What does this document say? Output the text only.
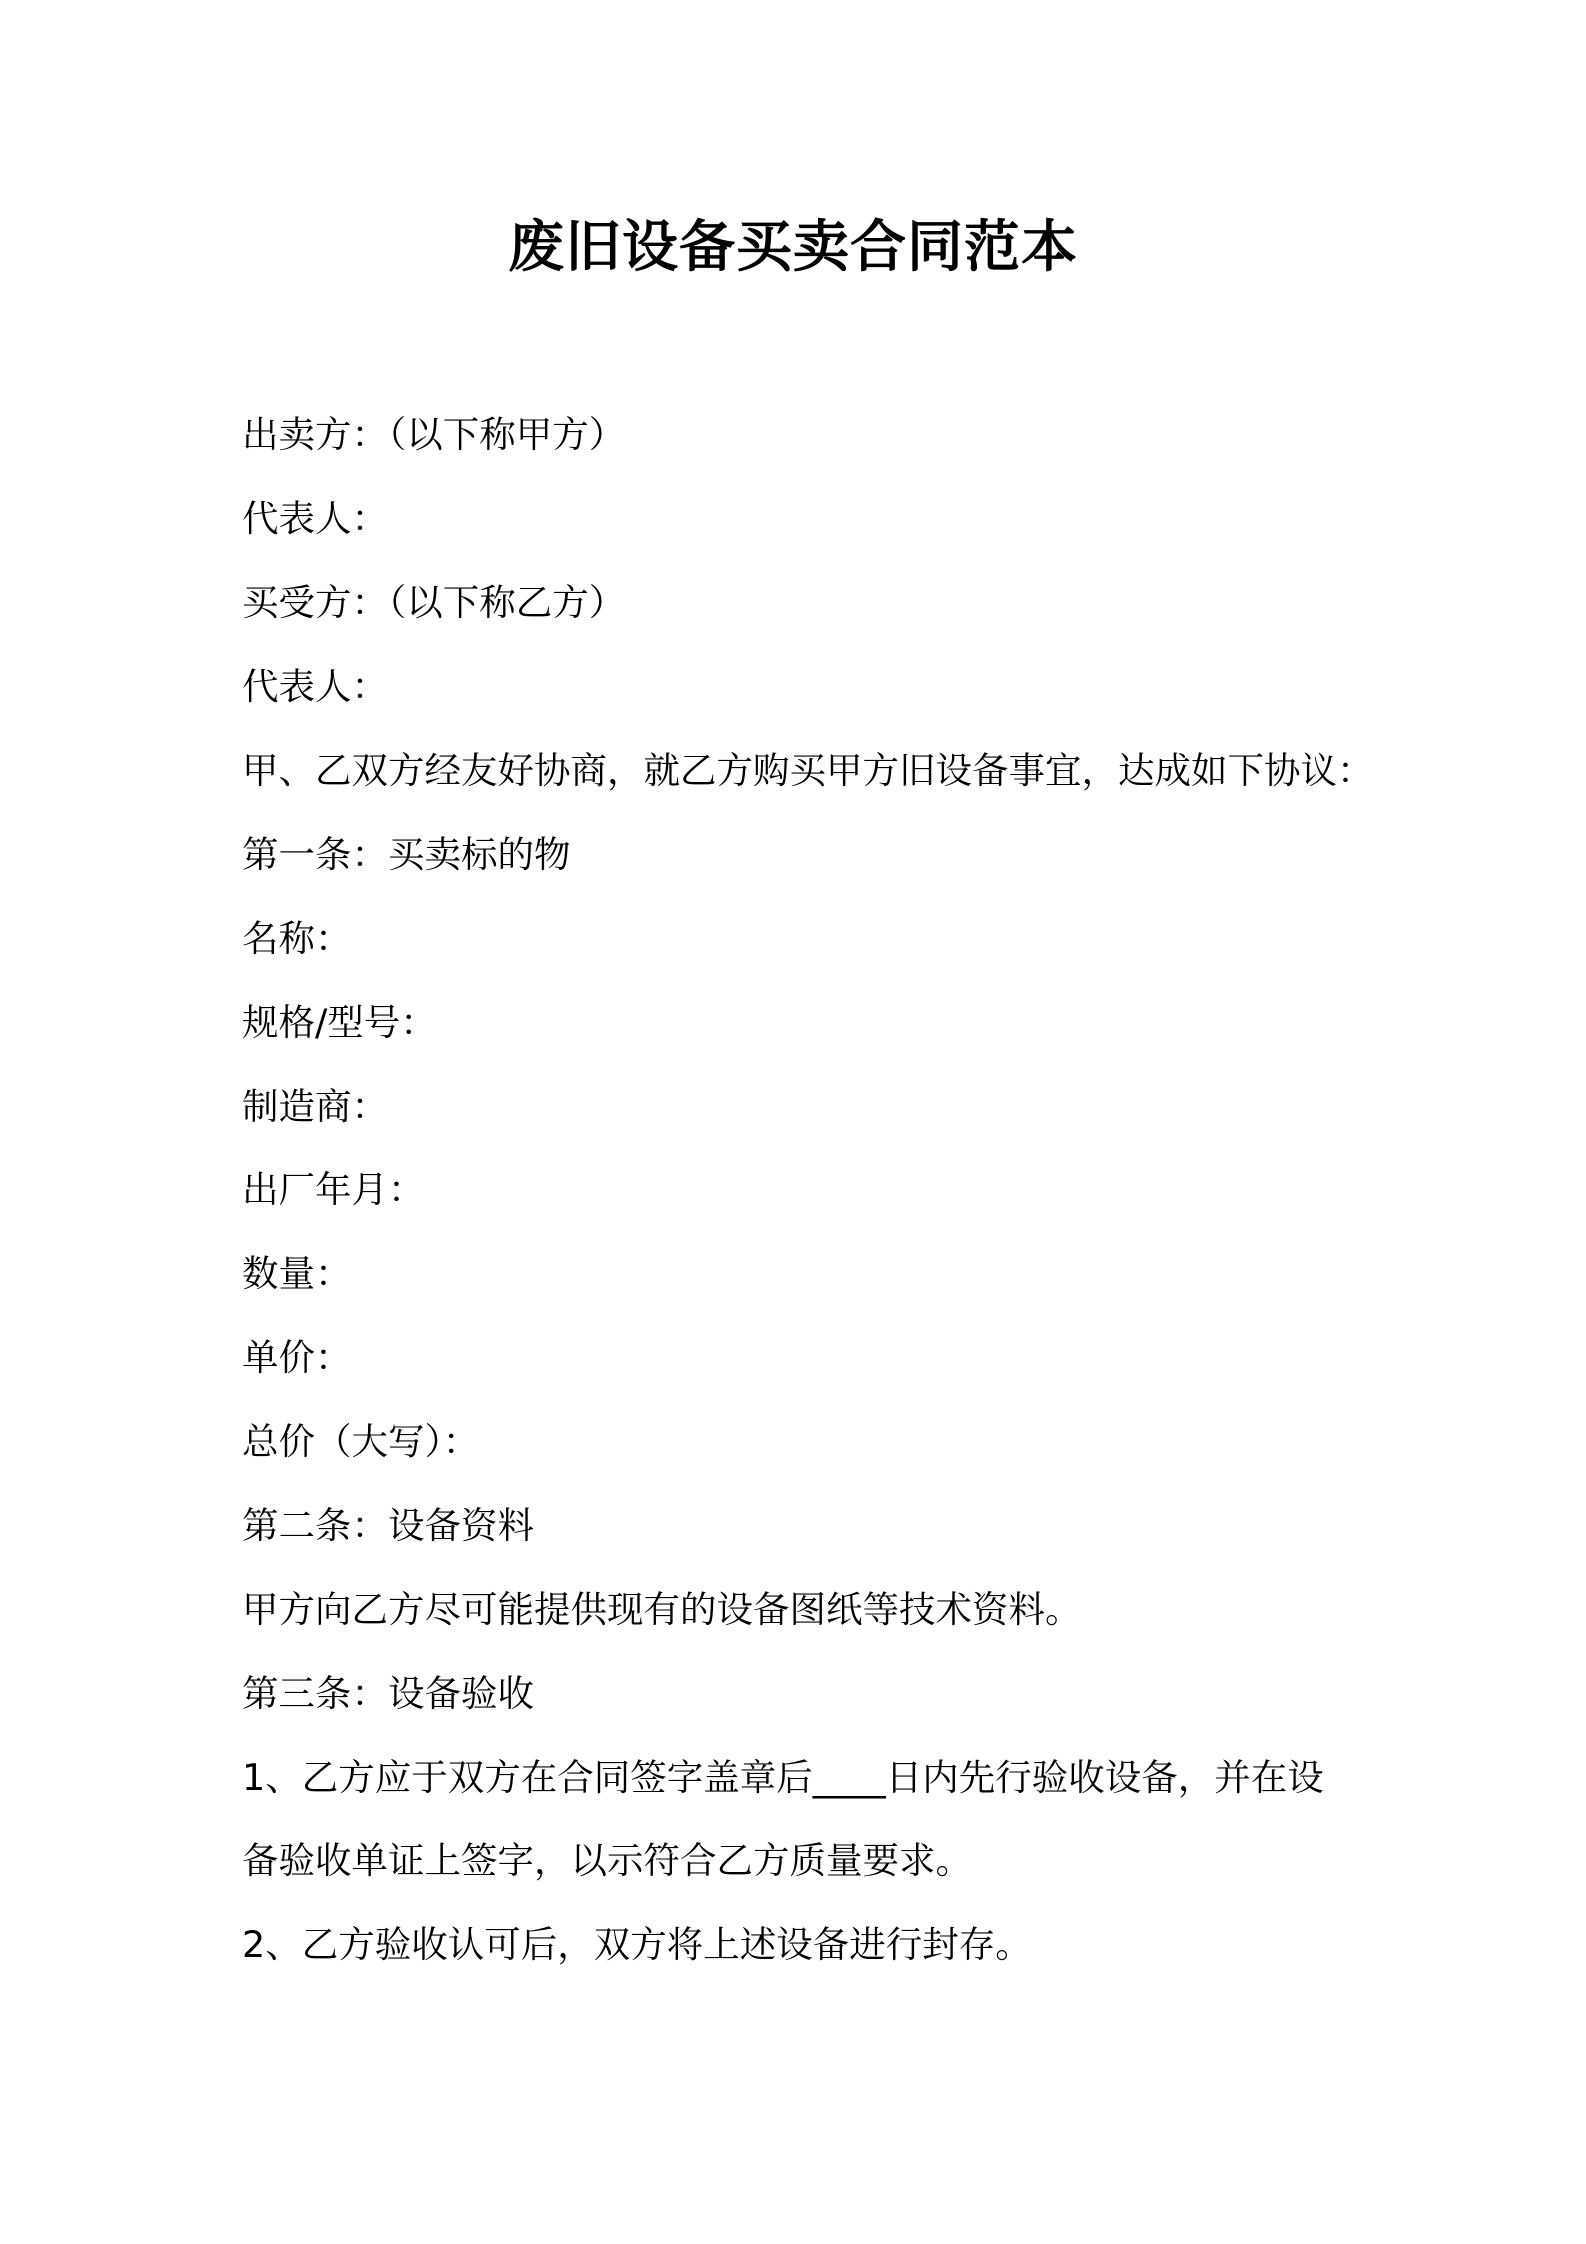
废旧设备买卖合同范本

出卖方：（以下称甲方）

代表人：

买受方：（以下称乙方）

代表人：

甲、乙双方经友好协商，就乙方购买甲方旧设备事宜，达成如下协议：

第一条：买卖标的物

名称：

规格/型号：

制造商：

出厂年月：

数量：

单价：

总价（大写）：

第二条：设备资料

甲方向乙方尽可能提供现有的设备图纸等技术资料。

第三条：设备验收

1、乙方应于双方在合同签字盖章后____日内先行验收设备，并在设

备验收单证上签字，以示符合乙方质量要求。

2、乙方验收认可后，双方将上述设备进行封存。
